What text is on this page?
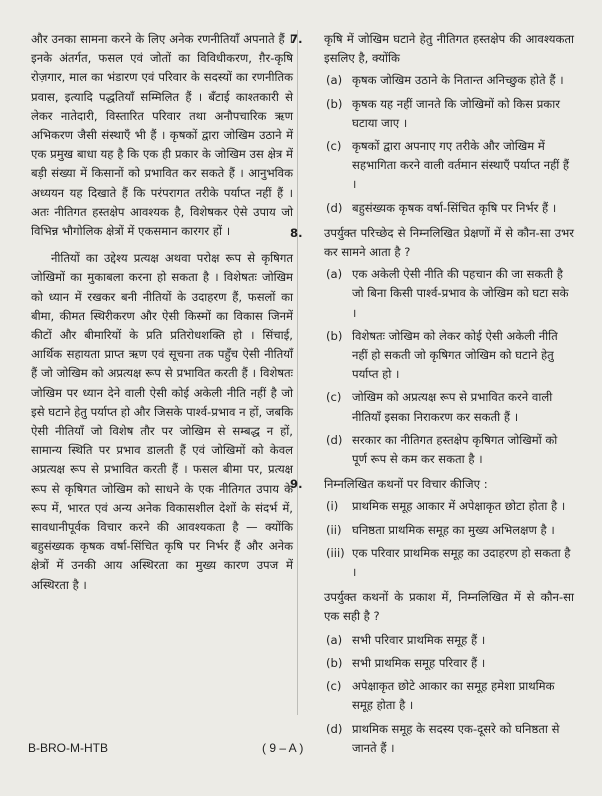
और उनका सामना करने के लिए अनेक रणनीतियाँ अपनाते हैं । इनके अंतर्गत, फसल एवं जोतों का विविधीकरण, ग़ैर-कृषि रोज़गार, माल का भंडारण एवं परिवार के सदस्यों का रणनीतिक प्रवास, इत्यादि पद्धतियाँ सम्मिलित हैं । बँटाई काश्तकारी से लेकर नातेदारी, विस्तारित परिवार तथा अनौपचारिक ऋण अभिकरण जैसी संस्थाएँ भी हैं । कृषकों द्वारा जोखिम उठाने में एक प्रमुख बाधा यह है कि एक ही प्रकार के जोखिम उस क्षेत्र में बड़ी संख्या में किसानों को प्रभावित कर सकते हैं । आनुभविक अध्ययन यह दिखाते हैं कि परंपरागत तरीके पर्याप्त नहीं हैं । अतः नीतिगत हस्तक्षेप आवश्यक है, विशेषकर ऐसे उपाय जो विभिन्न भौगोलिक क्षेत्रों में एकसमान कारगर हों ।

नीतियों का उद्देश्य प्रत्यक्ष अथवा परोक्ष रूप से कृषिगत जोखिमों का मुकाबला करना हो सकता है । विशेषतः जोखिम को ध्यान में रखकर बनी नीतियों के उदाहरण हैं, फसलों का बीमा, कीमत स्थिरीकरण और ऐसी किस्मों का विकास जिनमें कीटों और बीमारियों के प्रति प्रतिरोधशक्ति हो । सिंचाई, आर्थिक सहायता प्राप्त ऋण एवं सूचना तक पहुँच ऐसी नीतियाँ हैं जो जोखिम को अप्रत्यक्ष रूप से प्रभावित करती हैं । विशेषतः जोखिम पर ध्यान देने वाली ऐसी कोई अकेली नीति नहीं है जो इसे घटाने हेतु पर्याप्त हो और जिसके पार्श्व-प्रभाव न हों, जबकि ऐसी नीतियाँ जो विशेष तौर पर जोखिम से सम्बद्ध न हों, सामान्य स्थिति पर प्रभाव डालती हैं एवं जोखिमों को केवल अप्रत्यक्ष रूप से प्रभावित करती हैं । फसल बीमा पर, प्रत्यक्ष रूप से कृषिगत जोखिम को साधने के एक नीतिगत उपाय के रूप में, भारत एवं अन्य अनेक विकासशील देशों के संदर्भ में, सावधानीपूर्वक विचार करने की आवश्यकता है — क्योंकि बहुसंख्यक कृषक वर्षा-सिंचित कृषि पर निर्भर हैं और अनेक क्षेत्रों में उनकी आय अस्थिरता का मुख्य कारण उपज में अस्थिरता है ।

7. कृषि में जोखिम घटाने हेतु नीतिगत हस्तक्षेप की आवश्यकता इसलिए है, क्योंकि
(a) कृषक जोखिम उठाने के नितान्त अनिच्छुक होते हैं ।
(b) कृषक यह नहीं जानते कि जोखिमों को किस प्रकार घटाया जाए ।
(c) कृषकों द्वारा अपनाए गए तरीके और जोखिम में सहभागिता करने वाली वर्तमान संस्थाएँ पर्याप्त नहीं हैं ।
(d) बहुसंख्यक कृषक वर्षा-सिंचित कृषि पर निर्भर हैं ।
8. उपर्युक्त परिच्छेद से निम्नलिखित प्रेक्षणों में से कौन-सा उभर कर सामने आता है ?
(a) एक अकेली ऐसी नीति की पहचान की जा सकती है जो बिना किसी पार्श्व-प्रभाव के जोखिम को घटा सके ।
(b) विशेषतः जोखिम को लेकर कोई ऐसी अकेली नीति नहीं हो सकती जो कृषिगत जोखिम को घटाने हेतु पर्याप्त हो ।
(c) जोखिम को अप्रत्यक्ष रूप से प्रभावित करने वाली नीतियाँ इसका निराकरण कर सकती हैं ।
(d) सरकार का नीतिगत हस्तक्षेप कृषिगत जोखिमों को पूर्ण रूप से कम कर सकता है ।
9. निम्नलिखित कथनों पर विचार कीजिए :
(i) प्राथमिक समूह आकार में अपेक्षाकृत छोटा होता है ।
(ii) घनिष्ठता प्राथमिक समूह का मुख्य अभिलक्षण है ।
(iii) एक परिवार प्राथमिक समूह का उदाहरण हो सकता है ।
उपर्युक्त कथनों के प्रकाश में, निम्नलिखित में से कौन-सा एक सही है ?
(a) सभी परिवार प्राथमिक समूह हैं ।
(b) सभी प्राथमिक समूह परिवार हैं ।
(c) अपेक्षाकृत छोटे आकार का समूह हमेशा प्राथमिक समूह होता है ।
(d) प्राथमिक समूह के सदस्य एक-दूसरे को घनिष्ठता से जानते हैं ।
B-BRO-M-HTB	( 9 – A )
